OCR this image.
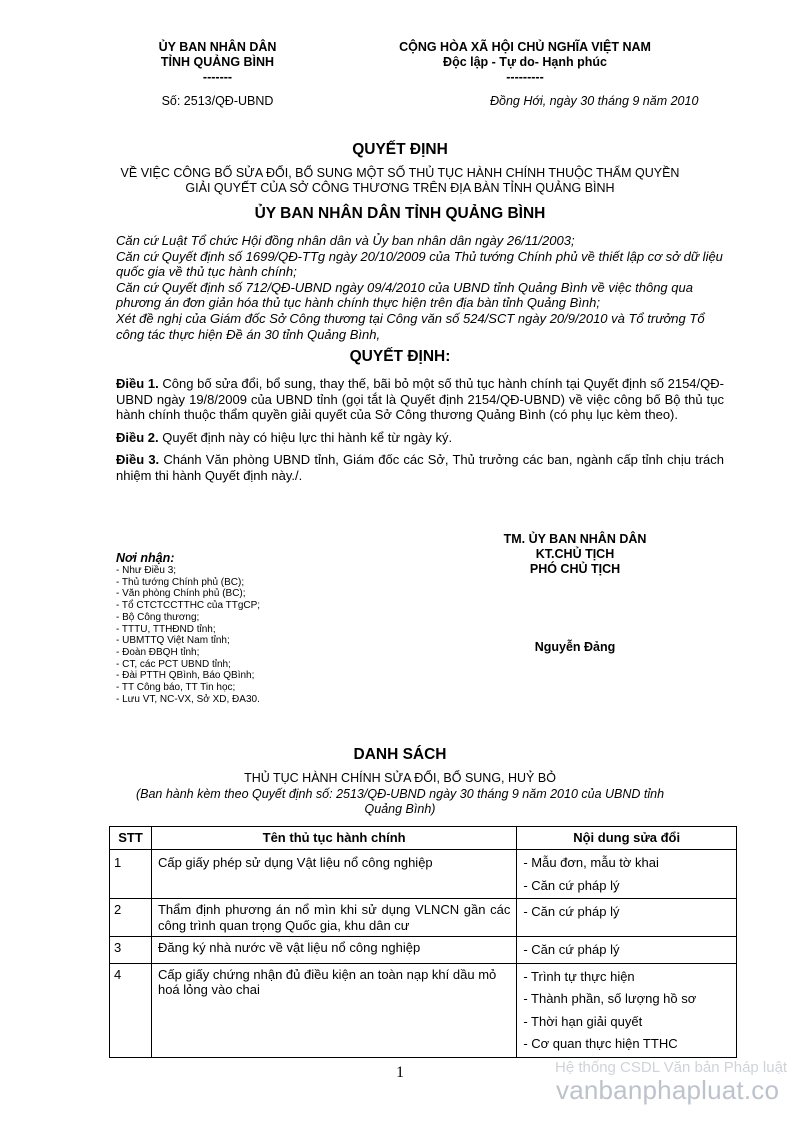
ỦY BAN NHÂN DÂN
TỈNH QUẢNG BÌNH
-------
Số: 2513/QĐ-UBND
CỘNG HÒA XÃ HỘI CHỦ NGHĨA VIỆT NAM
Độc lập - Tự do- Hạnh phúc
---------
Đồng Hới, ngày 30 tháng 9 năm 2010
QUYẾT ĐỊNH
VỀ VIỆC CÔNG BỐ SỬA ĐỔI, BỔ SUNG MỘT SỐ THỦ TỤC HÀNH CHÍNH THUỘC THẨM QUYỀN
GIẢI QUYẾT CỦA SỞ CÔNG THƯƠNG TRÊN ĐỊA BÀN TỈNH QUẢNG BÌNH
ỦY BAN NHÂN DÂN TỈNH QUẢNG BÌNH
Căn cứ Luật Tổ chức Hội đồng nhân dân và Ủy ban nhân dân ngày 26/11/2003;
Căn cứ Quyết định số 1699/QĐ-TTg ngày 20/10/2009 của Thủ tướng Chính phủ về thiết lập cơ sở dữ liệu quốc gia về thủ tục hành chính;
Căn cứ Quyết định số 712/QĐ-UBND ngày 09/4/2010 của UBND tỉnh Quảng Bình về việc thông qua phương án đơn giản hóa thủ tục hành chính thực hiện trên địa bàn tỉnh Quảng Bình;
Xét đề nghị của Giám đốc Sở Công thương tại Công văn số 524/SCT ngày 20/9/2010 và Tổ trưởng Tổ công tác thực hiện Đề án 30 tỉnh Quảng Bình,
QUYẾT ĐỊNH:
Điều 1. Công bố sửa đổi, bổ sung, thay thế, bãi bỏ một số thủ tục hành chính tại Quyết định số 2154/QĐ-UBND ngày 19/8/2009 của UBND tỉnh (gọi tắt là Quyết định 2154/QĐ-UBND) về việc công bố Bộ thủ tục hành chính thuộc thẩm quyền giải quyết của Sở Công thương Quảng Bình (có phụ lục kèm theo).
Điều 2. Quyết định này có hiệu lực thi hành kể từ ngày ký.
Điều 3. Chánh Văn phòng UBND tỉnh, Giám đốc các Sở, Thủ trưởng các ban, ngành cấp tỉnh chịu trách nhiệm thi hành Quyết định này./.
Nơi nhận:
- Như Điều 3;
- Thủ tướng Chính phủ (BC);
- Văn phòng Chính phủ (BC);
- Tổ CTCTCCTTHC của TTgCP;
- Bộ Công thương;
- TTTU, TTHĐND tỉnh;
- UBMTTQ Việt Nam tỉnh;
- Đoàn ĐBQH tỉnh;
- CT, các PCT UBND tỉnh;
- Đài PTTH QBình, Báo QBình;
- TT Công báo, TT Tin học;
- Lưu VT, NC-VX, Sở XD, ĐA30.
TM. ỦY BAN NHÂN DÂN
KT.CHỦ TỊCH
PHÓ CHỦ TỊCH
Nguyễn Đảng
DANH SÁCH
THỦ TỤC HÀNH CHÍNH SỬA ĐỔI, BỔ SUNG, HUỶ BỎ
(Ban hành kèm theo Quyết định số: 2513/QĐ-UBND ngày 30 tháng 9 năm 2010 của UBND tỉnh
Quảng Bình)
STT	Tên thủ tục hành chính	Nội dung sửa đổi
1	Cấp giấy phép sử dụng Vật liệu nổ công nghiệp	- Mẫu đơn, mẫu tờ khai
- Căn cứ pháp lý

2	Thẩm định phương án nổ mìn khi sử dụng VLNCN gần các công trình quan trọng Quốc gia, khu dân cư	- Căn cứ pháp lý

3	Đăng ký nhà nước về vật liệu nổ công nghiệp	- Căn cứ pháp lý

4	Cấp giấy chứng nhận đủ điều kiện an toàn nạp khí dầu mỏ hoá lỏng vào chai	- Trình tự thực hiện
- Thành phần, số lượng hồ sơ
- Thời hạn giải quyết
- Cơ quan thực hiện TTHC
1	Hệ thống CSDL Văn bản Pháp luật
vanbanphapluat.co
